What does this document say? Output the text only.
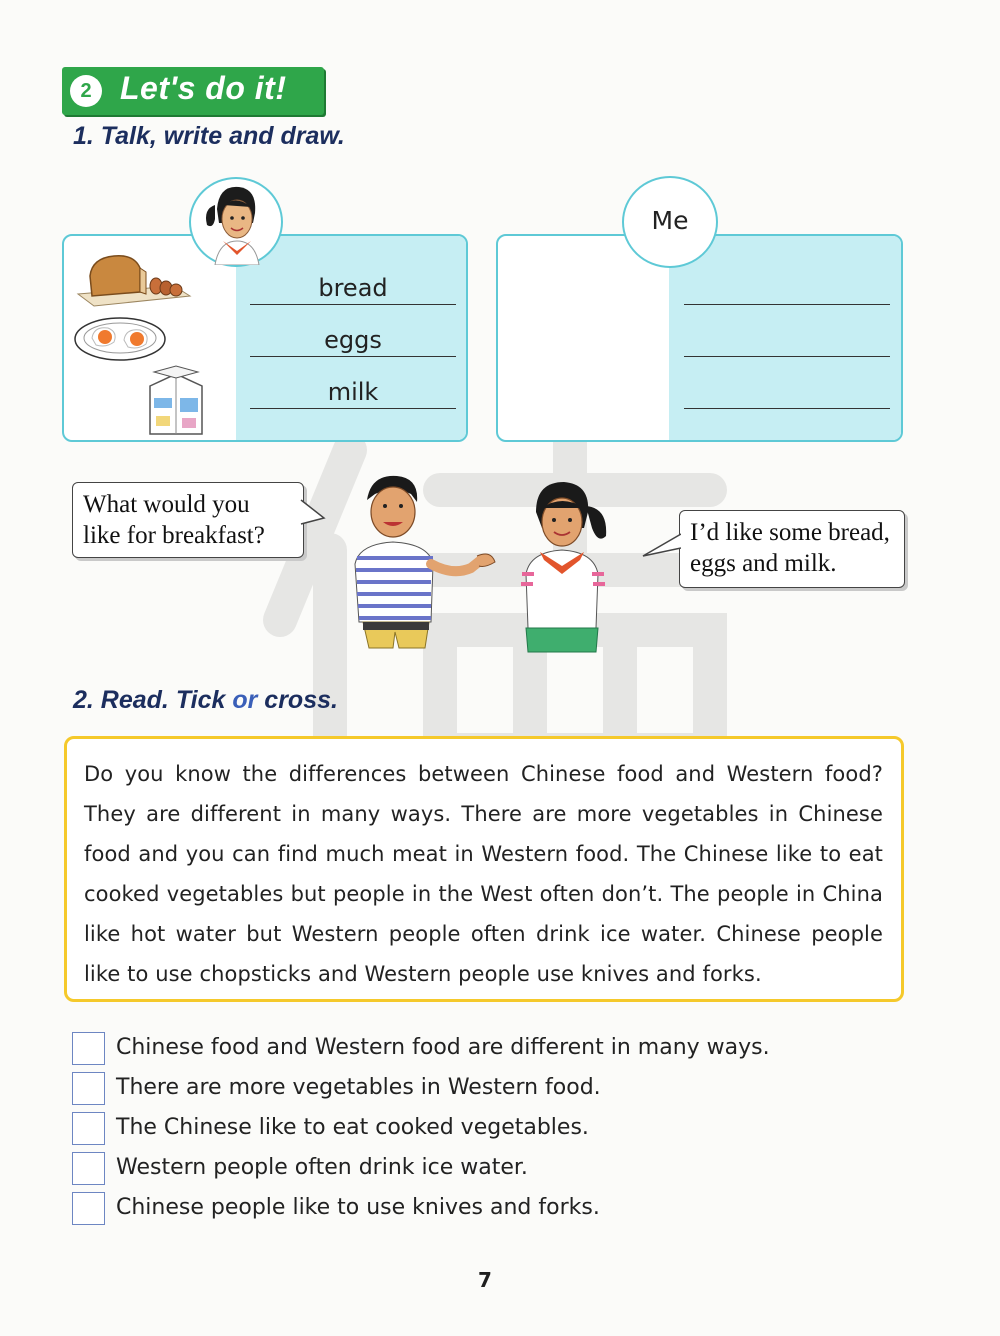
2 Let's do it!
1. Talk, write and draw.
bread
eggs
milk
Me
What would you
like for breakfast?	I’d like some bread,
eggs and milk.
2. Read. Tick or cross.

Do you know the differences between Chinese food and Western food? They are different in many ways. There are more vegetables in Chinese food and you can find much meat in Western food. The Chinese like to eat cooked vegetables but people in the West often don’t. The people in China like hot water but Western people often drink ice water. Chinese people like to use chopsticks and Western people use knives and forks.

Chinese food and Western food are different in many ways.
There are more vegetables in Western food.
The Chinese like to eat cooked vegetables.
Western people often drink ice water.
Chinese people like to use knives and forks.
7
